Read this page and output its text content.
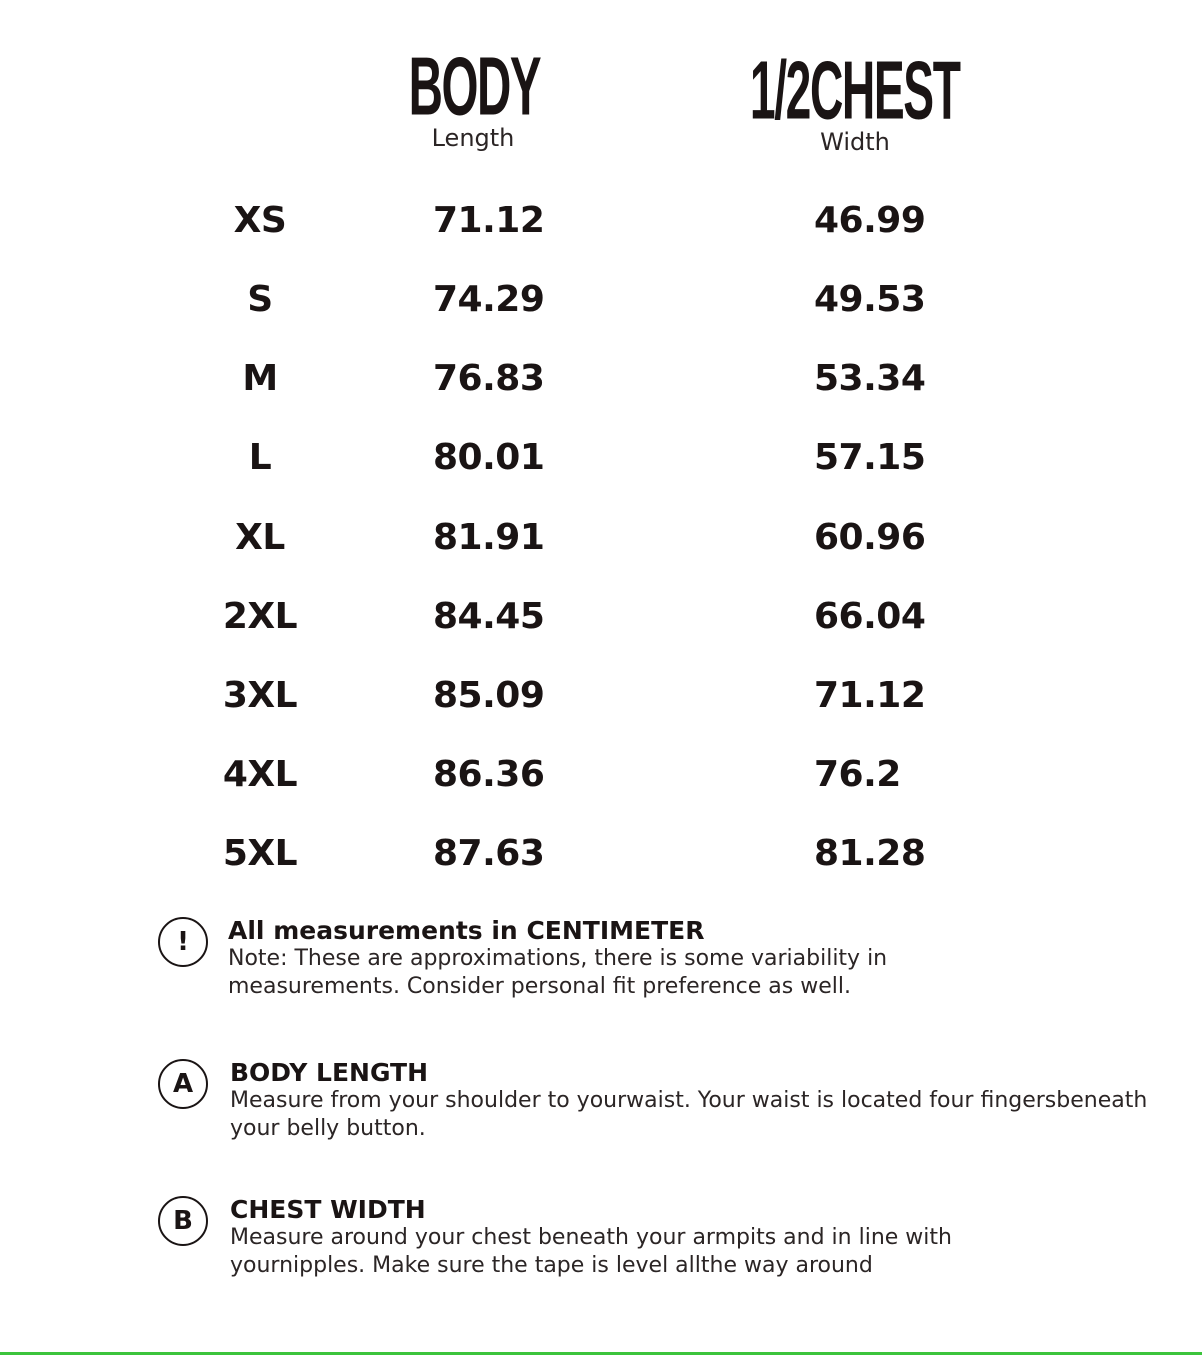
BODY
Length
1/2CHEST
Width
XS	71.12	46.99
S	74.29	49.53
M	76.83	53.34
L	80.01	57.15
XL	81.91	60.96
2XL	84.45	66.04
3XL	85.09	71.12
4XL	86.36	76.2
5XL	87.63	81.28
!	All measurements in CENTIMETER
Note: These are approximations, there is some variability in measurements. Consider personal fit preference as well.
A	BODY LENGTH
Measure from your shoulder to yourwaist. Your waist is located four fingersbeneath your belly button.
B	CHEST WIDTH
Measure around your chest beneath your armpits and in line with yournipples. Make sure the tape is level allthe way around
